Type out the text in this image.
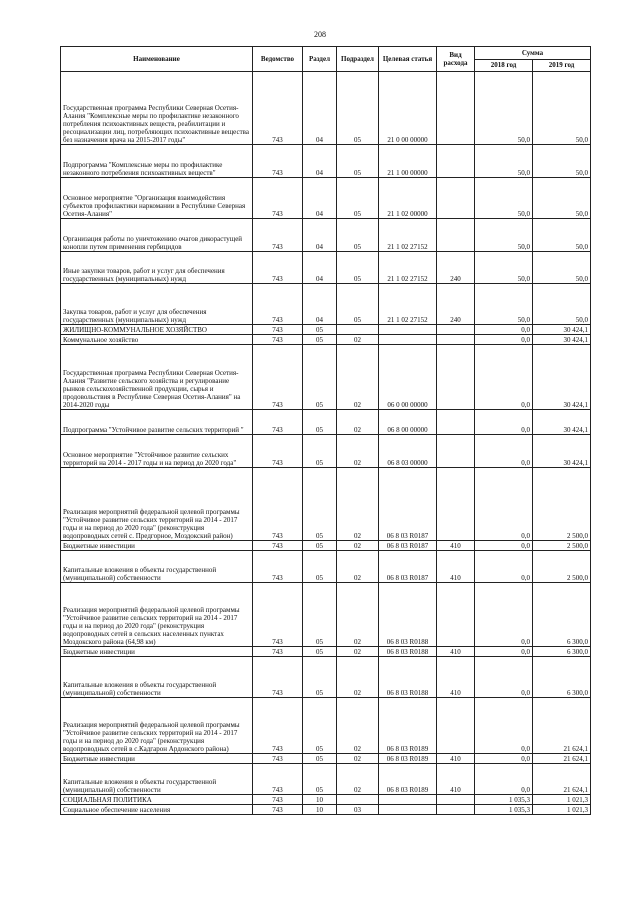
208
Наименование	Ведомство	Раздел	Подраздел	Целевая статья	Вид расхода	Сумма	
						2018 год	2019 год
Государственная программа Республики Северная Осетия-Алания "Комплексные меры по профилактике незаконного потребления психоактивных веществ, реабилитации и ресоциализации лиц, потребляющих психоактивные вещества без назначения врача на 2015-2017 годы"	743	04	05	21 0 00 00000		50,0	50,0
Подпрограмма "Комплексные меры по профилактике незаконного потребления психоактивных веществ"	743	04	05	21 1 00 00000		50,0	50,0
Основное мероприятие "Организация взаимодействия субъектов профилактики наркомании в Республике Северная Осетия-Алания"	743	04	05	21 1 02 00000		50,0	50,0
Организация работы по уничтожению очагов дикорастущей конопли путем применения гербицидов	743	04	05	21 1 02 27152		50,0	50,0
Иные закупки товаров, работ и услуг для обеспечения государственных (муниципальных) нужд	743	04	05	21 1 02 27152	240	50,0	50,0
Закупка товаров, работ и услуг для обеспечения государственных (муниципальных) нужд	743	04	05	21 1 02 27152	240	50,0	50,0
ЖИЛИЩНО-КОММУНАЛЬНОЕ ХОЗЯЙСТВО	743	05				0,0	30 424,1
Коммунальное хозяйство	743	05	02			0,0	30 424,1
Государственная программа Республики Северная Осетия-Алания "Развитие сельского хозяйства и регулирование рынков сельскохозяйственной продукции, сырья и продовольствия в Республике Северная Осетия-Алания" на 2014-2020 годы	743	05	02	06 0 00 00000		0,0	30 424,1
Подпрограмма "Устойчивое развитие сельских территорий "	743	05	02	06 8 00 00000		0,0	30 424,1
Основное мероприятие "Устойчивое развитие сельских территорий на 2014 - 2017 годы и на период до 2020 года"	743	05	02	06 8 03 00000		0,0	30 424,1
Реализация мероприятий федеральной целевой программы "Устойчивое развитие сельских территорий на 2014 - 2017 годы и на период до 2020 года" (реконструкция водопроводных сетей с. Предгорное, Моздокский район)	743	05	02	06 8 03 R0187		0,0	2 500,0
Бюджетные инвестиции	743	05	02	06 8 03 R0187	410	0,0	2 500,0
Капитальные вложения в объекты государственной (муниципальной) собственности	743	05	02	06 8 03 R0187	410	0,0	2 500,0
Реализация мероприятий федеральной целевой программы "Устойчивое развитие сельских территорий на 2014 - 2017 годы и на период до 2020 года" (реконструкция водопроводных сетей в сельских населенных пунктах Моздокского района (64,98 км)	743	05	02	06 8 03 R0188		0,0	6 300,0
Бюджетные инвестиции	743	05	02	06 8 03 R0188	410	0,0	6 300,0
Капитальные вложения в объекты государственной (муниципальной) собственности	743	05	02	06 8 03 R0188	410	0,0	6 300,0
Реализация мероприятий федеральной целевой программы "Устойчивое развитие сельских территорий на 2014 - 2017 годы и на период до 2020 года" (реконструкция водопроводных сетей в с.Кадгарон Ардонского района)	743	05	02	06 8 03 R0189		0,0	21 624,1
Бюджетные инвестиции	743	05	02	06 8 03 R0189	410	0,0	21 624,1
Капитальные вложения в объекты государственной (муниципальной) собственности	743	05	02	06 8 03 R0189	410	0,0	21 624,1
СОЦИАЛЬНАЯ ПОЛИТИКА	743	10				1 035,3	1 021,3
Социальное обеспечение населения	743	10	03			1 035,3	1 021,3
